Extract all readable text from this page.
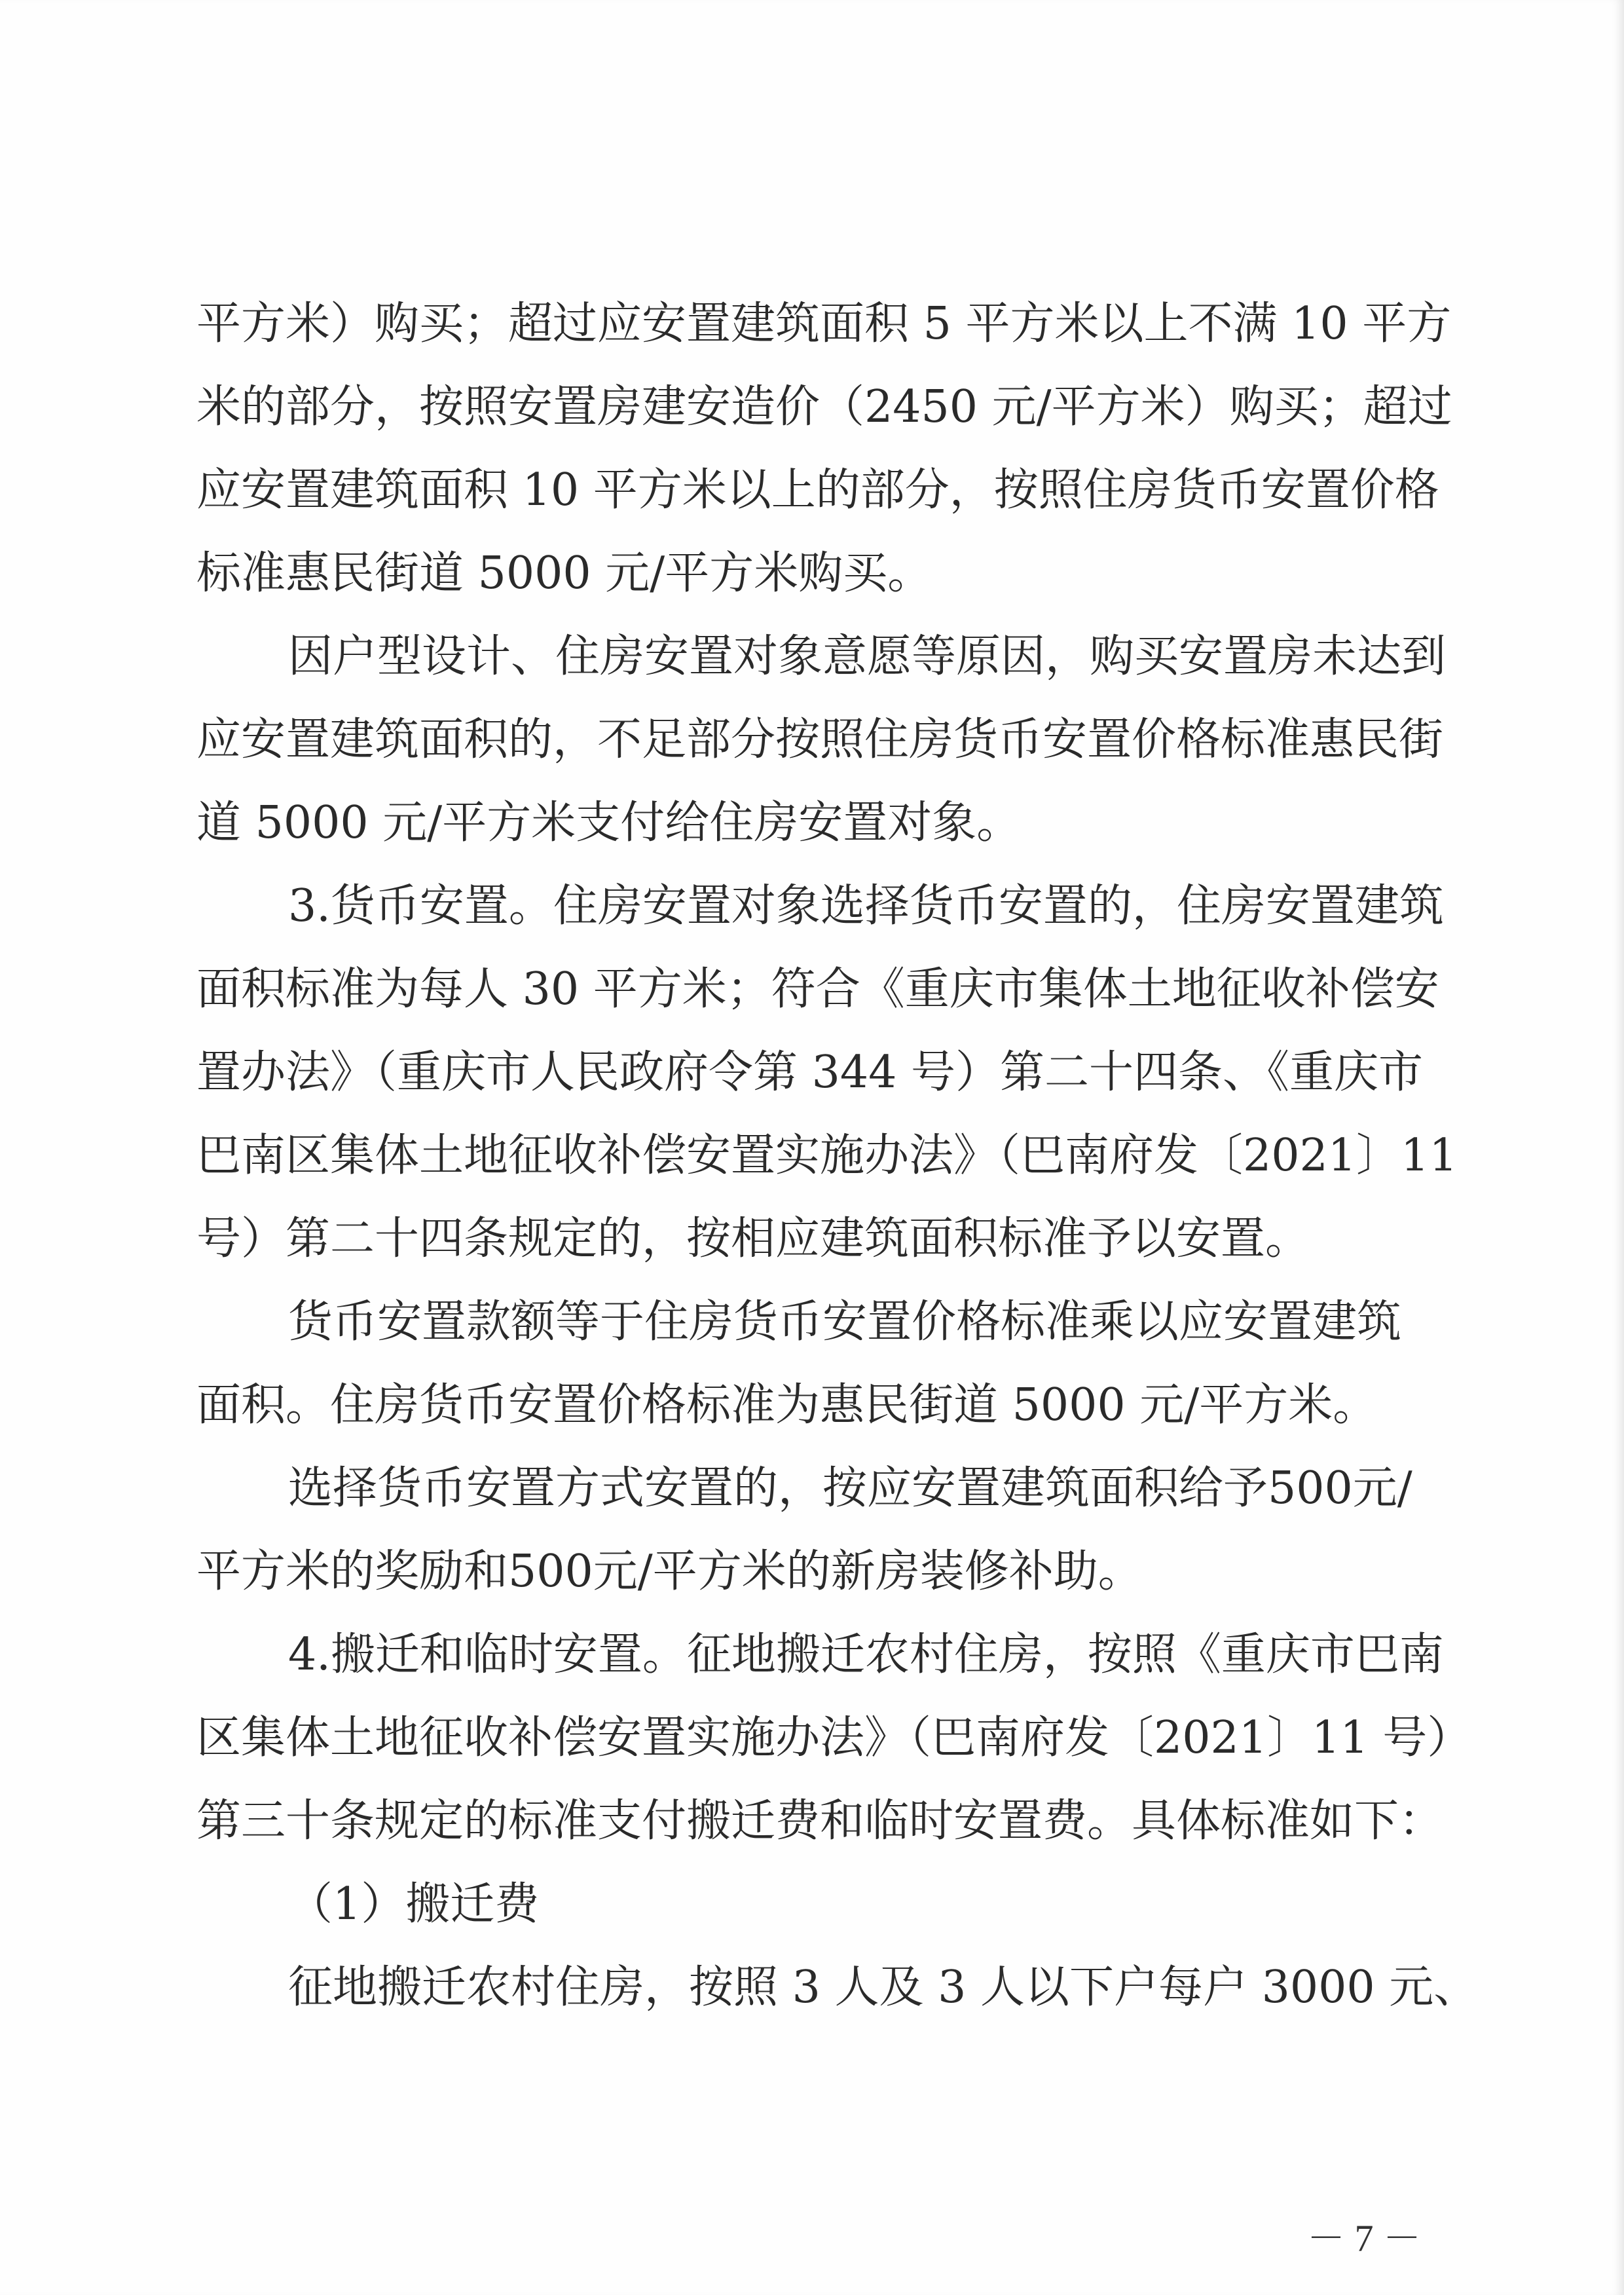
平方米）购买；超过应安置建筑面积 5 平方米以上不满 10 平方
米的部分，按照安置房建安造价（2450 元/平方米）购买；超过
应安置建筑面积 10 平方米以上的部分，按照住房货币安置价格
标准惠民街道 5000 元/平方米购买。
因户型设计、住房安置对象意愿等原因，购买安置房未达到
应安置建筑面积的，不足部分按照住房货币安置价格标准惠民街
道 5000 元/平方米支付给住房安置对象。
3.货币安置。住房安置对象选择货币安置的，住房安置建筑
面积标准为每人 30 平方米；符合《重庆市集体土地征收补偿安
置办法》（重庆市人民政府令第 344 号）第二十四条、《重庆市
巴南区集体土地征收补偿安置实施办法》（巴南府发〔2021〕11
号）第二十四条规定的，按相应建筑面积标准予以安置。
货币安置款额等于住房货币安置价格标准乘以应安置建筑
面积。住房货币安置价格标准为惠民街道 5000 元/平方米。
选择货币安置方式安置的，按应安置建筑面积给予500元/
平方米的奖励和500元/平方米的新房装修补助。
4.搬迁和临时安置。征地搬迁农村住房，按照《重庆市巴南
区集体土地征收补偿安置实施办法》（巴南府发〔2021〕11 号）
第三十条规定的标准支付搬迁费和临时安置费。具体标准如下：
（1）搬迁费
征地搬迁农村住房，按照 3 人及 3 人以下户每户 3000 元、
－ 7 －
